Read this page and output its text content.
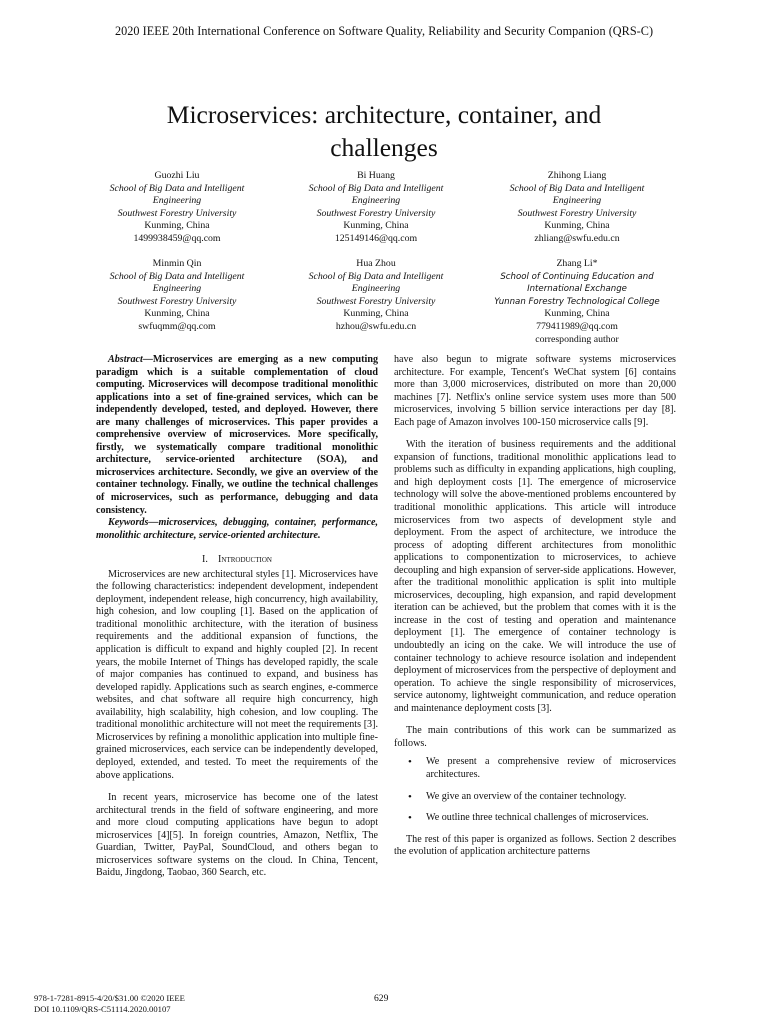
2020 IEEE 20th International Conference on Software Quality, Reliability and Security Companion (QRS-C)
Microservices: architecture, container, and
challenges
Guozhi Liu
School of Big Data and Intelligent
Engineering
Southwest Forestry University
Kunming, China
1499938459@qq.com
Bi Huang
School of Big Data and Intelligent
Engineering
Southwest Forestry University
Kunming, China
125149146@qq.com
Zhihong Liang
School of Big Data and Intelligent
Engineering
Southwest Forestry University
Kunming, China
zhliang@swfu.edu.cn
Minmin Qin
School of Big Data and Intelligent
Engineering
Southwest Forestry University
Kunming, China
swfuqmm@qq.com
Hua Zhou
School of Big Data and Intelligent
Engineering
Southwest Forestry University
Kunming, China
hzhou@swfu.edu.cn
Zhang Li*
School of Continuing Education and
International Exchange
Yunnan Forestry Technological College
Kunming, China
779411989@qq.com
corresponding author

Abstract—Microservices are emerging as a new computing paradigm which is a suitable complementation of cloud computing. Microservices will decompose traditional monolithic applications into a set of fine-grained services, which can be independently developed, tested, and deployed. However, there are many challenges of microservices. This paper provides a comprehensive overview of microservices. More specifically, firstly, we systematically compare traditional monolithic architecture, service-oriented architecture (SOA), and microservices architecture. Secondly, we give an overview of the container technology. Finally, we outline the technical challenges of microservices, such as performance, debugging and data consistency.

Keywords—microservices, debugging, container, performance, monolithic architecture, service-oriented architecture.

I. Introduction

Microservices are new architectural styles [1]. Microservices have the following characteristics: independent development, independent deployment, independent release, high concurrency, high availability, high cohesion, and low coupling [1]. Based on the application of traditional monolithic architecture, with the iteration of business requirements and the additional expansion of functions, the application is difficult to expand and highly coupled [2]. In recent years, the mobile Internet of Things has developed rapidly, the scale of major companies has continued to expand, and business has developed rapidly. Applications such as search engines, e-commerce websites, and chat software all require high concurrency, high availability, high scalability, high cohesion, and low coupling. The traditional monolithic architecture will not meet the requirements [3]. Microservices by refining a monolithic application into multiple fine-grained microservices, each service can be independently developed, deployed, extended, and tested. To meet the requirements of the above applications.

In recent years, microservice has become one of the latest architectural trends in the field of software engineering, and more and more cloud computing applications have begun to adopt microservices [4][5]. In foreign countries, Amazon, Netflix, The Guardian, Twitter, PayPal, SoundCloud, and others began to microservices software systems on the cloud. In China, Tencent, Baidu, Jingdong, Taobao, 360 Search, etc.

have also begun to migrate software systems microservices architecture. For example, Tencent's WeChat system [6] contains more than 3,000 microservices, distributed on more than 20,000 machines [7]. Netflix's online service system uses more than 500 microservices, involving 5 billion service interactions per day [8]. Each page of Amazon involves 100-150 microservice calls [9].

With the iteration of business requirements and the additional expansion of functions, traditional monolithic applications lead to problems such as difficulty in expanding applications, high coupling, and high deployment costs [1]. The emergence of microservice technology will solve the above-mentioned problems encountered by traditional monolithic applications. This article will introduce microservices from two aspects of development style and deployment. From the aspect of architecture, we introduce the process of adopting different architectures from monolithic applications to componentization to microservices, to achieve decoupling and high expansion of server-side applications. However, after the traditional monolithic application is split into multiple microservices, decoupling, high expansion, and rapid development iteration can be achieved, but the problem that comes with it is the increase in the cost of testing and operation and maintenance deployment [1]. The emergence of container technology is undoubtedly an icing on the cake. We will introduce the use of container technology to achieve resource isolation and independent deployment of microservices from the perspective of deployment and operation. To achieve the single responsibility of microservices, service autonomy, lightweight communication, and reduce operation and maintenance deployment costs [3].

The main contributions of this work can be summarized as follows.

• We present a comprehensive review of microservices architectures.
• We give an overview of the container technology.
• We outline three technical challenges of microservices.

The rest of this paper is organized as follows. Section 2 describes the evolution of application architecture patterns

978-1-7281-8915-4/20/$31.00 ©2020 IEEE
DOI 10.1109/QRS-C51114.2020.00107
629
